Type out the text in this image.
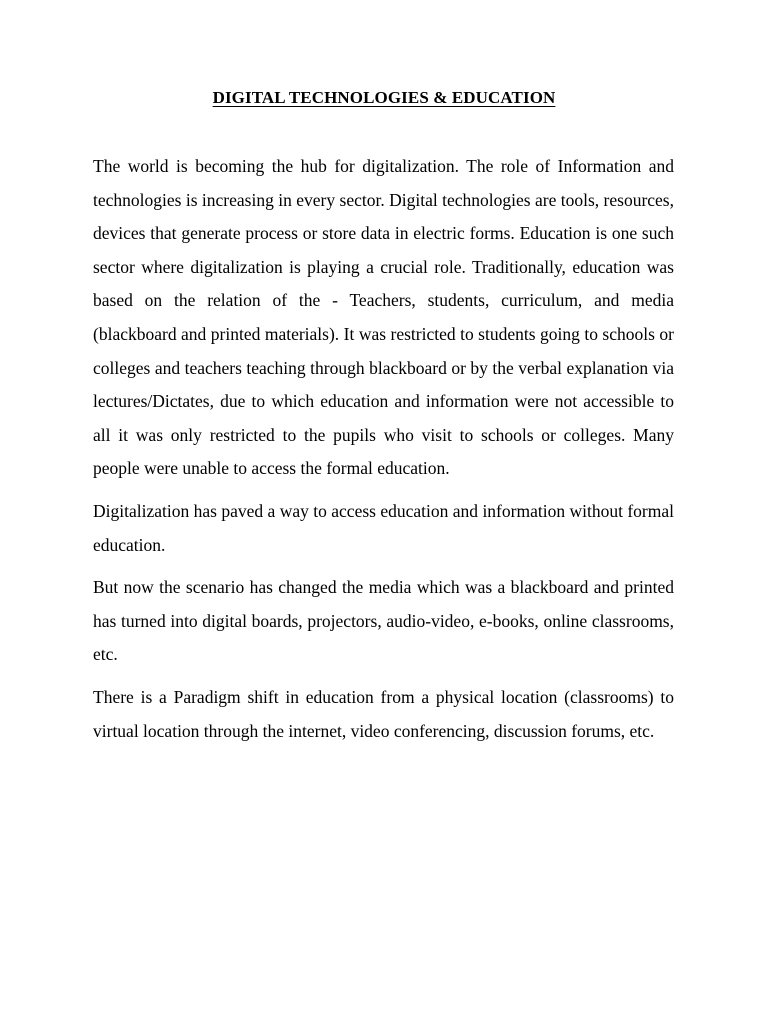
DIGITAL TECHNOLOGIES & EDUCATION

The world is becoming the hub for digitalization. The role of Information and technologies is increasing in every sector. Digital technologies are tools, resources, devices that generate process or store data in electric forms. Education is one such sector where digitalization is playing a crucial role. Traditionally, education was based on the relation of the - Teachers, students, curriculum, and media (blackboard and printed materials). It was restricted to students going to schools or colleges and teachers teaching through blackboard or by the verbal explanation via lectures/Dictates, due to which education and information were not accessible to all it was only restricted to the pupils who visit to schools or colleges. Many people were unable to access the formal education.

Digitalization has paved a way to access education and information without formal education.

But now the scenario has changed the media which was a blackboard and printed has turned into digital boards, projectors, audio-video, e-books, online classrooms, etc.

There is a Paradigm shift in education from a physical location (classrooms) to virtual location through the internet, video conferencing, discussion forums, etc.
